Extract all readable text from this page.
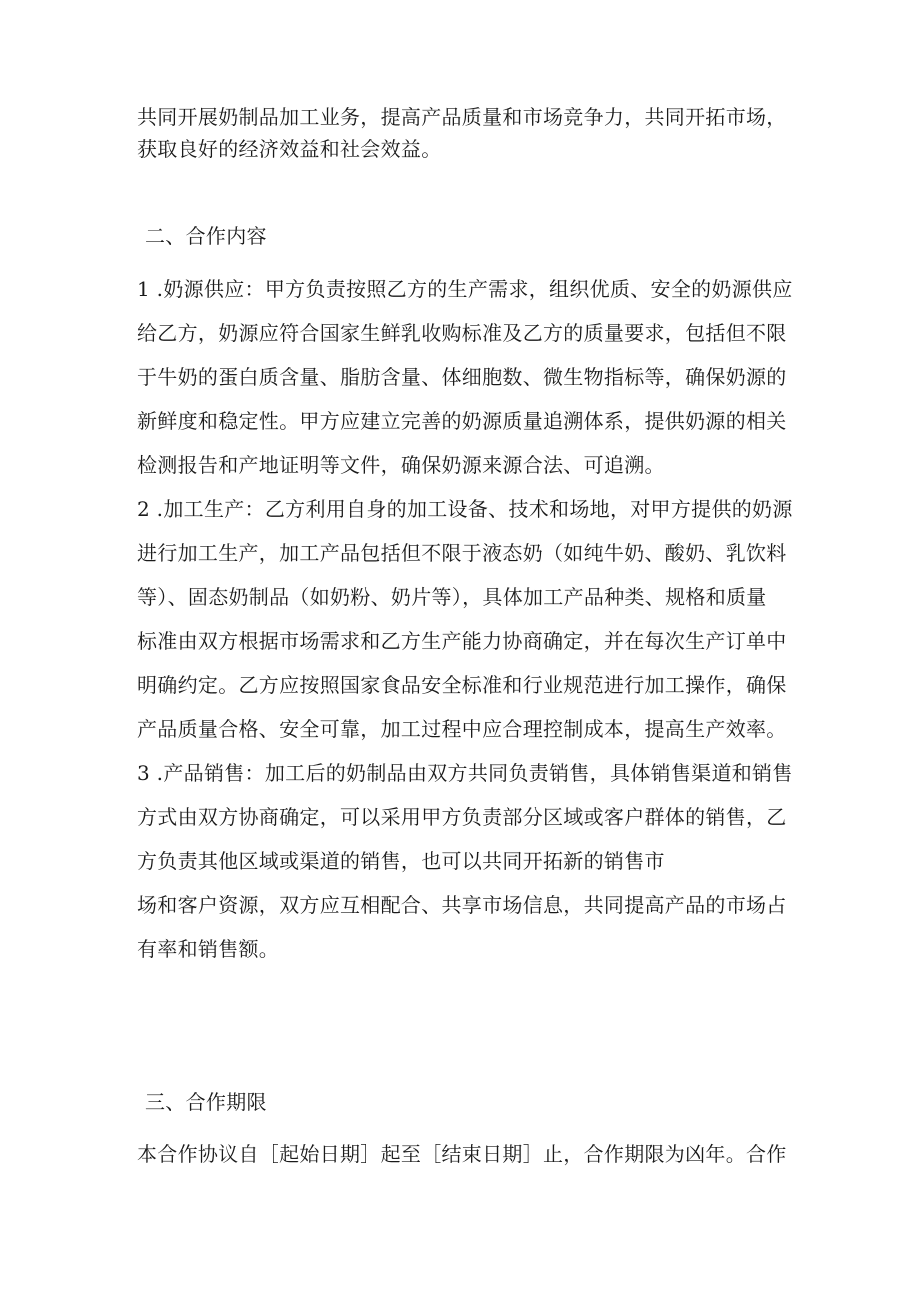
共同开展奶制品加工业务，提高产品质量和市场竞争力，共同开拓市场，
获取良好的经济效益和社会效益。
二、合作内容
1 .奶源供应：甲方负责按照乙方的生产需求，组织优质、安全的奶源供应
给乙方，奶源应符合国家生鲜乳收购标准及乙方的质量要求，包括但不限
于牛奶的蛋白质含量、脂肪含量、体细胞数、微生物指标等，确保奶源的
新鲜度和稳定性。甲方应建立完善的奶源质量追溯体系，提供奶源的相关
检测报告和产地证明等文件，确保奶源来源合法、可追溯。
2 .加工生产：乙方利用自身的加工设备、技术和场地，对甲方提供的奶源
进行加工生产，加工产品包括但不限于液态奶（如纯牛奶、酸奶、乳饮料
等）、固态奶制品（如奶粉、奶片等），具体加工产品种类、规格和质量
标准由双方根据市场需求和乙方生产能力协商确定，并在每次生产订单中
明确约定。乙方应按照国家食品安全标准和行业规范进行加工操作，确保
产品质量合格、安全可靠，加工过程中应合理控制成本，提高生产效率。
3 .产品销售：加工后的奶制品由双方共同负责销售，具体销售渠道和销售
方式由双方协商确定，可以采用甲方负责部分区域或客户群体的销售，乙
方负责其他区域或渠道的销售，也可以共同开拓新的销售市
场和客户资源，双方应互相配合、共享市场信息，共同提高产品的市场占
有率和销售额。
三、合作期限
本合作协议自［起始日期］起至［结束日期］止，合作期限为凶年。合作
